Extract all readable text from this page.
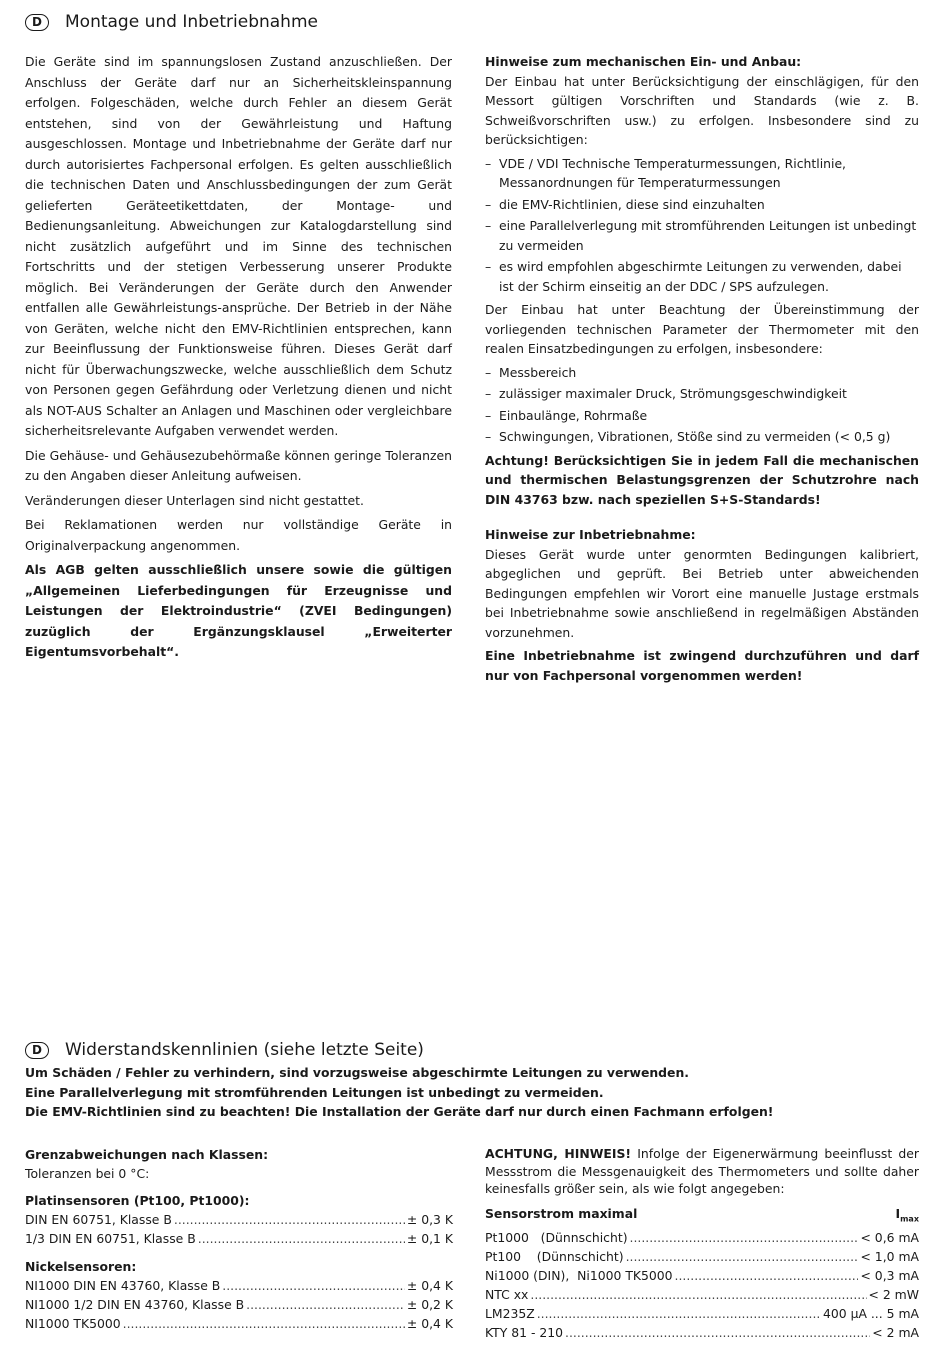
D	Montage und Inbetriebnahme

Die Geräte sind im spannungslosen Zustand anzuschließen. Der Anschluss der Geräte darf nur an Sicherheitskleinspannung erfolgen. Folgeschäden, welche durch Fehler an diesem Gerät entstehen, sind von der Gewährleistung und Haftung ausgeschlossen. Montage und Inbetriebnahme der Geräte darf nur durch autorisiertes Fachpersonal erfolgen. Es gelten ausschließlich die technischen Daten und Anschlussbedingungen der zum Gerät gelieferten Geräteetikettdaten, der Montage- und Bedienungsanleitung. Abweichungen zur Katalogdarstellung sind nicht zusätzlich aufgeführt und im Sinne des technischen Fortschritts und der stetigen Verbesserung unserer Produkte möglich. Bei Veränderungen der Geräte durch den Anwender entfallen alle Gewährleistungs-ansprüche. Der Betrieb in der Nähe von Geräten, welche nicht den EMV-Richtlinien entsprechen, kann zur Beeinflussung der Funktionsweise führen. Dieses Gerät darf nicht für Überwachungszwecke, welche ausschließlich dem Schutz von Personen gegen Gefährdung oder Verletzung dienen und nicht als NOT-AUS Schalter an Anlagen und Maschinen oder vergleichbare sicherheitsrelevante Aufgaben verwendet werden.

Die Gehäuse- und Gehäusezubehörmaße können geringe Toleranzen zu den Angaben dieser Anleitung aufweisen.

Veränderungen dieser Unterlagen sind nicht gestattet.

Bei Reklamationen werden nur vollständige Geräte in Originalverpackung angenommen.

Als AGB gelten ausschließlich unsere sowie die gültigen „Allgemeinen Lieferbedingungen für Erzeugnisse und Leistungen der Elektroindustrie“ (ZVEI Bedingungen) zuzüglich der Ergänzungsklausel „Erweiterter Eigentumsvorbehalt“.

Hinweise zum mechanischen Ein- und Anbau:

Der Einbau hat unter Berücksichtigung der einschlägigen, für den Messort gültigen Vorschriften und Standards (wie z. B. Schweißvorschriften usw.) zu erfolgen. Insbesondere sind zu berücksichtigen:

– VDE / VDI Technische Temperaturmessungen, Richtlinie, Messanordnungen für Temperaturmessungen
– die EMV-Richtlinien, diese sind einzuhalten
– eine Parallelverlegung mit stromführenden Leitungen ist unbedingt zu vermeiden
– es wird empfohlen abgeschirmte Leitungen zu verwenden, dabei ist der Schirm einseitig an der DDC / SPS aufzulegen.

Der Einbau hat unter Beachtung der Übereinstimmung der vorliegenden technischen Parameter der Thermometer mit den realen Einsatzbedingungen zu erfolgen, insbesondere:

– Messbereich
– zulässiger maximaler Druck, Strömungsgeschwindigkeit
– Einbaulänge, Rohrmaße
– Schwingungen, Vibrationen, Stöße sind zu vermeiden (< 0,5 g)

Achtung! Berücksichtigen Sie in jedem Fall die mechanischen und thermischen Belastungsgrenzen der Schutzrohre nach DIN 43763 bzw. nach speziellen S+S-Standards!

Hinweise zur Inbetriebnahme:

Dieses Gerät wurde unter genormten Bedingungen kalibriert, abgeglichen und geprüft. Bei Betrieb unter abweichenden Bedingungen empfehlen wir Vorort eine manuelle Justage erstmals bei Inbetriebnahme sowie anschließend in regelmäßigen Abständen vorzunehmen.

Eine Inbetriebnahme ist zwingend durchzuführen und darf nur von Fachpersonal vorgenommen werden!

D	Widerstandskennlinien (siehe letzte Seite)
Um Schäden / Fehler zu verhindern, sind vorzugsweise abgeschirmte Leitungen zu verwenden.
Eine Parallelverlegung mit stromführenden Leitungen ist unbedingt zu vermeiden.
Die EMV-Richtlinien sind zu beachten! Die Installation der Geräte darf nur durch einen Fachmann erfolgen!

Grenzabweichungen nach Klassen:

Toleranzen bei 0 °C:

Platinsensoren (Pt100, Pt1000):

DIN EN 60751, Klasse B .....	± 0,3 K
1/3 DIN EN 60751, Klasse B .....	± 0,1 K

Nickelsensoren:

NI1000 DIN EN 43760, Klasse B .....	± 0,4 K
NI1000 1/2 DIN EN 43760, Klasse B .....	± 0,2 K
NI1000 TK5000 .....	± 0,4 K

ACHTUNG, HINWEIS! Infolge der Eigenerwärmung beeinflusst der Messstrom die Messgenauigkeit des Thermometers und sollte daher keinesfalls größer sein, als wie folgt angegeben:

Sensorstrom maximal	$I_{max}$
Pt1000   (Dünnschicht) .....	< 0,6 mA
Pt100    (Dünnschicht) .....	< 1,0 mA
Ni1000 (DIN),  Ni1000 TK5000 .....	< 0,3 mA
NTC xx .....	< 2 mW
LM235Z .....	400 µA ... 5 mA
KTY 81 - 210 .....	< 2 mA
